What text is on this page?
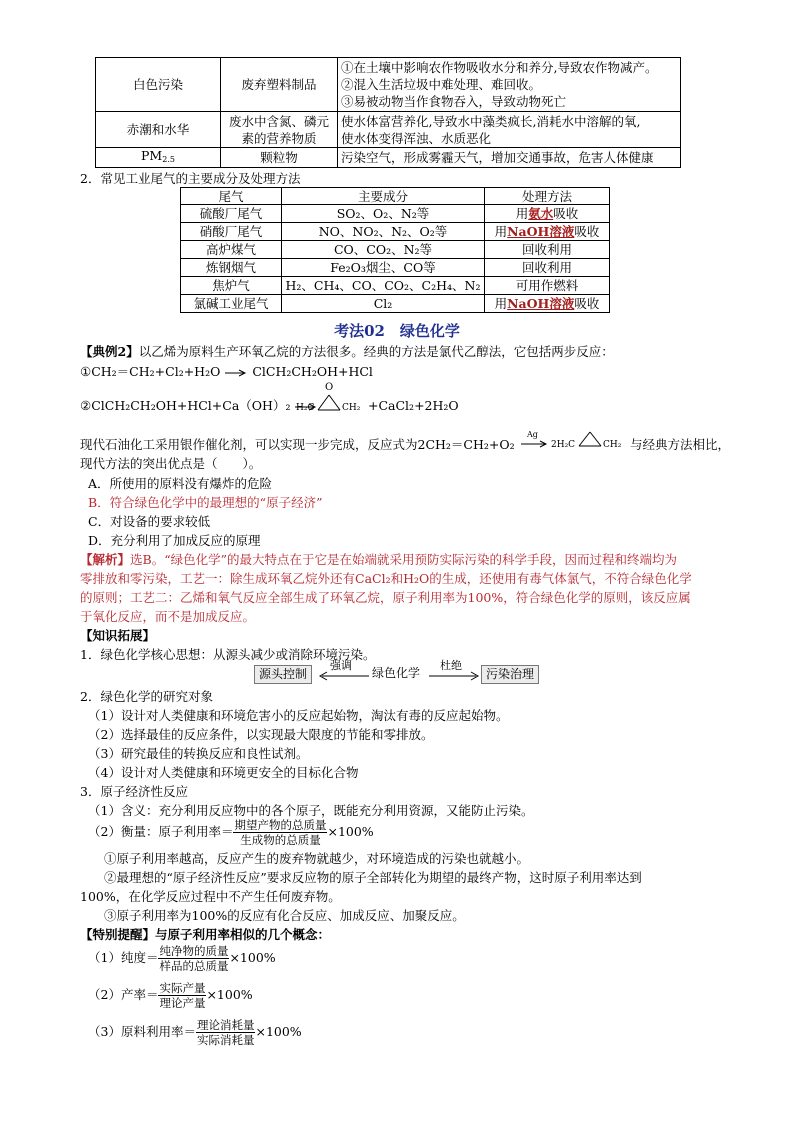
白色污染	废弃塑料制品	①在土壤中影响农作物吸收水分和养分,导致农作物减产。
②混入生活垃圾中难处理、难回收。
③易被动物当作食物吞入，导致动物死亡

赤潮和水华	废水中含氮、磷元素的营养物质	使水体富营养化,导致水中藻类疯长,消耗水中溶解的氧,
使水体变得浑浊、水质恶化

$PM_{2.5}$	颗粒物	污染空气，形成雾霾天气，增加交通事故，危害人体健康
2．常见工业尾气的主要成分及处理方法
尾气	主要成分	处理方法
硫酸厂尾气	SO₂、O₂、N₂等	用氨水吸收
硝酸厂尾气	NO、NO₂、N₂、O₂等	用NaOH溶液吸收
高炉煤气	CO、CO₂、N₂等	回收利用
炼钢烟气	Fe₂O₃烟尘、CO等	回收利用
焦炉气	H₂、CH₄、CO、CO₂、C₂H₄、N₂	可用作燃料
氯碱工业尾气	Cl₂	用NaOH溶液吸收
考法02　绿色化学
【典例2】以乙烯为原料生产环氧乙烷的方法很多。经典的方法是氯代乙醇法，它包括两步反应：
①CH₂＝CH₂+Cl₂+H₂O → ClCH₂CH₂OH+HCl
②ClCH₂CH₂OH+HCl+Ca（OH）₂ →
O
H₂C	CH₂ +CaCl₂+2H₂O
现代石油化工采用银作催化剂，可以实现一步完成，反应式为2CH₂＝CH₂+O₂
Ag
2H₂C	CH₂ 与经典方法相比，
现代方法的突出优点是（　　）。
A．所使用的原料没有爆炸的危险
B．符合绿色化学中的最理想的“原子经济”
C．对设备的要求较低
D．充分利用了加成反应的原理
【解析】选B。“绿色化学”的最大特点在于它是在始端就采用预防实际污染的科学手段，因而过程和终端均为
零排放和零污染，工艺一：除生成环氧乙烷外还有CaCl₂和H₂O的生成，还使用有毒气体氯气，不符合绿色化学
的原则；工艺二：乙烯和氧气反应全部生成了环氧乙烷，原子利用率为100%，符合绿色化学的原则，该反应属
于氧化反应，而不是加成反应。
【知识拓展】
1．绿色化学核心思想：从源头减少或消除环境污染。
源头控制
强调
绿色化学
杜绝
污染治理
2．绿色化学的研究对象
（1）设计对人类健康和环境危害小的反应起始物，淘汰有毒的反应起始物。
（2）选择最佳的反应条件，以实现最大限度的节能和零排放。
（3）研究最佳的转换反应和良性试剂。
（4）设计对人类健康和环境更安全的目标化合物
3．原子经济性反应
（1）含义：充分利用反应物中的各个原子，既能充分利用资源，又能防止污染。
（2）衡量：原子利用率＝ $\frac{\text{期望产物的总质量}}{\text{生成物的总质量}} \times 100\%$
①原子利用率越高，反应产生的废弃物就越少，对环境造成的污染也就越小。
②最理想的“原子经济性反应”要求反应物的原子全部转化为期望的最终产物，这时原子利用率达到
100%，在化学反应过程中不产生任何废弃物。
③原子利用率为100%的反应有化合反应、加成反应、加聚反应。
【特别提醒】与原子利用率相似的几个概念：
（1）纯度＝ $\frac{\text{纯净物的质量}}{\text{样品的总质量}} \times 100\%$
（2）产率＝ $\frac{\text{实际产量}}{\text{理论产量}} \times 100\%$
（3）原料利用率＝ $\frac{\text{理论消耗量}}{\text{实际消耗量}} \times 100\%$
